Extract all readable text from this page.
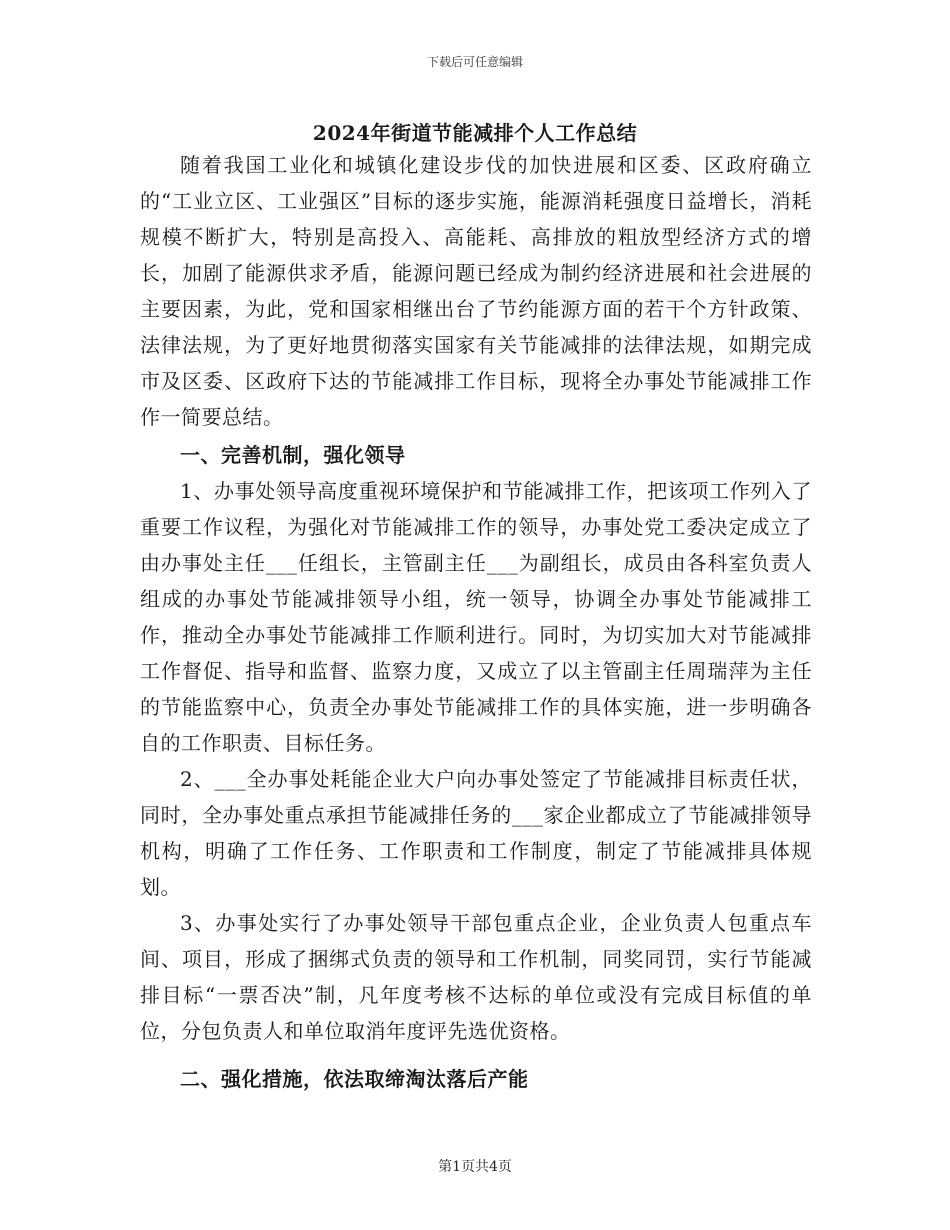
下载后可任意编辑
2024年街道节能减排个人工作总结

随着我国工业化和城镇化建设步伐的加快进展和区委、区政府确立的“工业立区、工业强区”目标的逐步实施，能源消耗强度日益增长，消耗规模不断扩大，特别是高投入、高能耗、高排放的粗放型经济方式的增长，加剧了能源供求矛盾，能源问题已经成为制约经济进展和社会进展的主要因素，为此，党和国家相继出台了节约能源方面的若干个方针政策、法律法规，为了更好地贯彻落实国家有关节能减排的法律法规，如期完成市及区委、区政府下达的节能减排工作目标，现将全办事处节能减排工作作一简要总结。

一、完善机制，强化领导

1、办事处领导高度重视环境保护和节能减排工作，把该项工作列入了重要工作议程，为强化对节能减排工作的领导，办事处党工委决定成立了由办事处主任___任组长，主管副主任___为副组长，成员由各科室负责人组成的办事处节能减排领导小组，统一领导，协调全办事处节能减排工作，推动全办事处节能减排工作顺利进行。同时，为切实加大对节能减排工作督促、指导和监督、监察力度，又成立了以主管副主任周瑞萍为主任的节能监察中心，负责全办事处节能减排工作的具体实施，进一步明确各自的工作职责、目标任务。

2、___全办事处耗能企业大户向办事处签定了节能减排目标责任状，同时，全办事处重点承担节能减排任务的___家企业都成立了节能减排领导机构，明确了工作任务、工作职责和工作制度，制定了节能减排具体规划。

3、办事处实行了办事处领导干部包重点企业，企业负责人包重点车间、项目，形成了捆绑式负责的领导和工作机制，同奖同罚，实行节能减排目标“一票否决”制，凡年度考核不达标的单位或没有完成目标值的单位，分包负责人和单位取消年度评先选优资格。

二、强化措施，依法取缔淘汰落后产能

第1页共4页
